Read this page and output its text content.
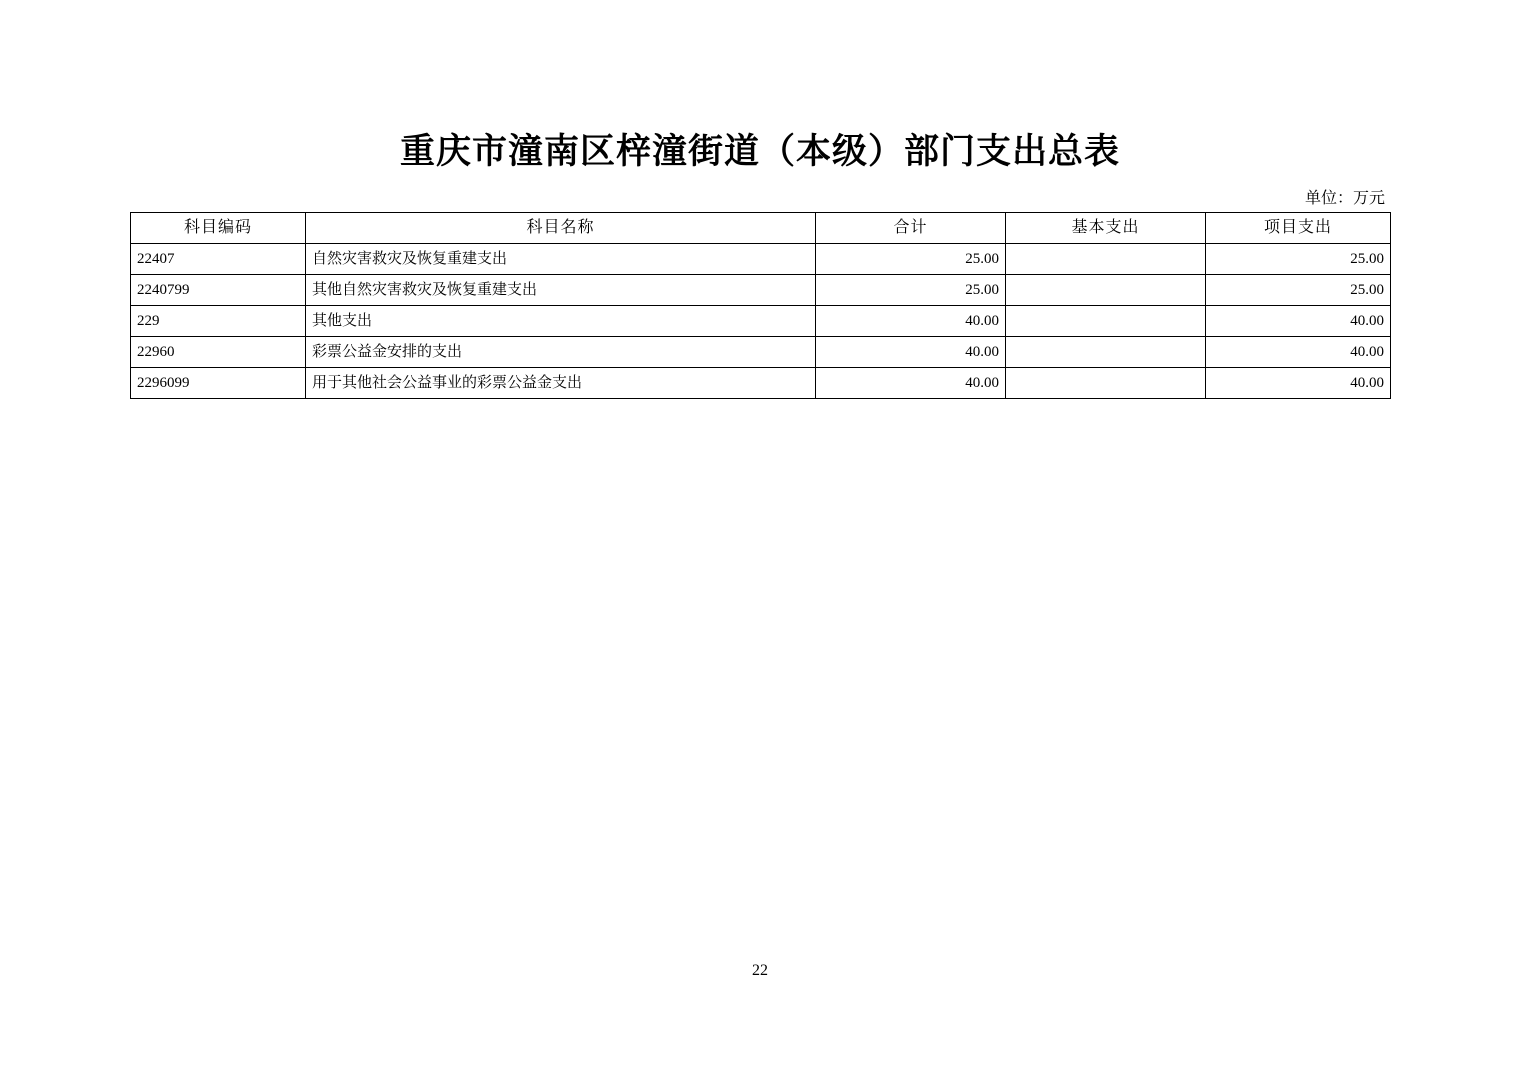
重庆市潼南区梓潼街道（本级）部门支出总表
单位：万元
科目编码	科目名称	合计	基本支出	项目支出
22407	自然灾害救灾及恢复重建支出	25.00		25.00
2240799	其他自然灾害救灾及恢复重建支出	25.00		25.00
229	其他支出	40.00		40.00
22960	彩票公益金安排的支出	40.00		40.00
2296099	用于其他社会公益事业的彩票公益金支出	40.00		40.00
22
